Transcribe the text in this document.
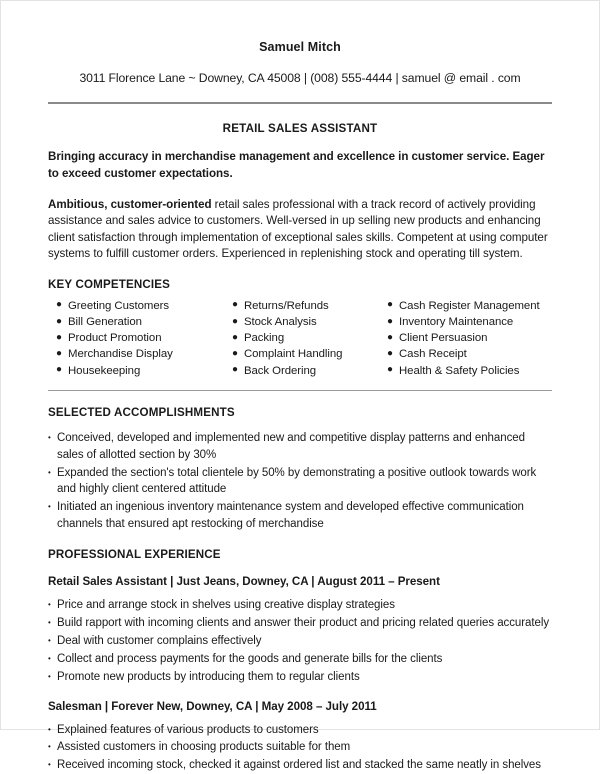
Samuel Mitch
3011 Florence Lane ~ Downey, CA 45008 | (008) 555-4444 | samuel @ email . com
RETAIL SALES ASSISTANT
Bringing accuracy in merchandise management and excellence in customer service. Eager to exceed customer expectations.
Ambitious, customer-oriented retail sales professional with a track record of actively providing assistance and sales advice to customers. Well-versed in up selling new products and enhancing client satisfaction through implementation of exceptional sales skills. Competent at using computer systems to fulfill customer orders. Experienced in replenishing stock and operating till system.
KEY COMPETENCIES
● Greeting Customers
● Bill Generation
● Product Promotion
● Merchandise Display
● Housekeeping
● Returns/Refunds
● Stock Analysis
● Packing
● Complaint Handling
● Back Ordering
● Cash Register Management
● Inventory Maintenance
● Client Persuasion
● Cash Receipt
● Health & Safety Policies
SELECTED ACCOMPLISHMENTS
• Conceived, developed and implemented new and competitive display patterns and enhanced sales of allotted section by 30%
• Expanded the section's total clientele by 50% by demonstrating a positive outlook towards work and highly client centered attitude
• Initiated an ingenious inventory maintenance system and developed effective communication channels that ensured apt restocking of merchandise
PROFESSIONAL EXPERIENCE
Retail Sales Assistant | Just Jeans, Downey, CA | August 2011 – Present
• Price and arrange stock in shelves using creative display strategies
• Build rapport with incoming clients and answer their product and pricing related queries accurately
• Deal with customer complains effectively
• Collect and process payments for the goods and generate bills for the clients
• Promote new products by introducing them to regular clients
Salesman | Forever New, Downey, CA | May 2008 – July 2011
• Explained features of various products to customers
• Assisted customers in choosing products suitable for them
• Received incoming stock, checked it against ordered list and stacked the same neatly in shelves
